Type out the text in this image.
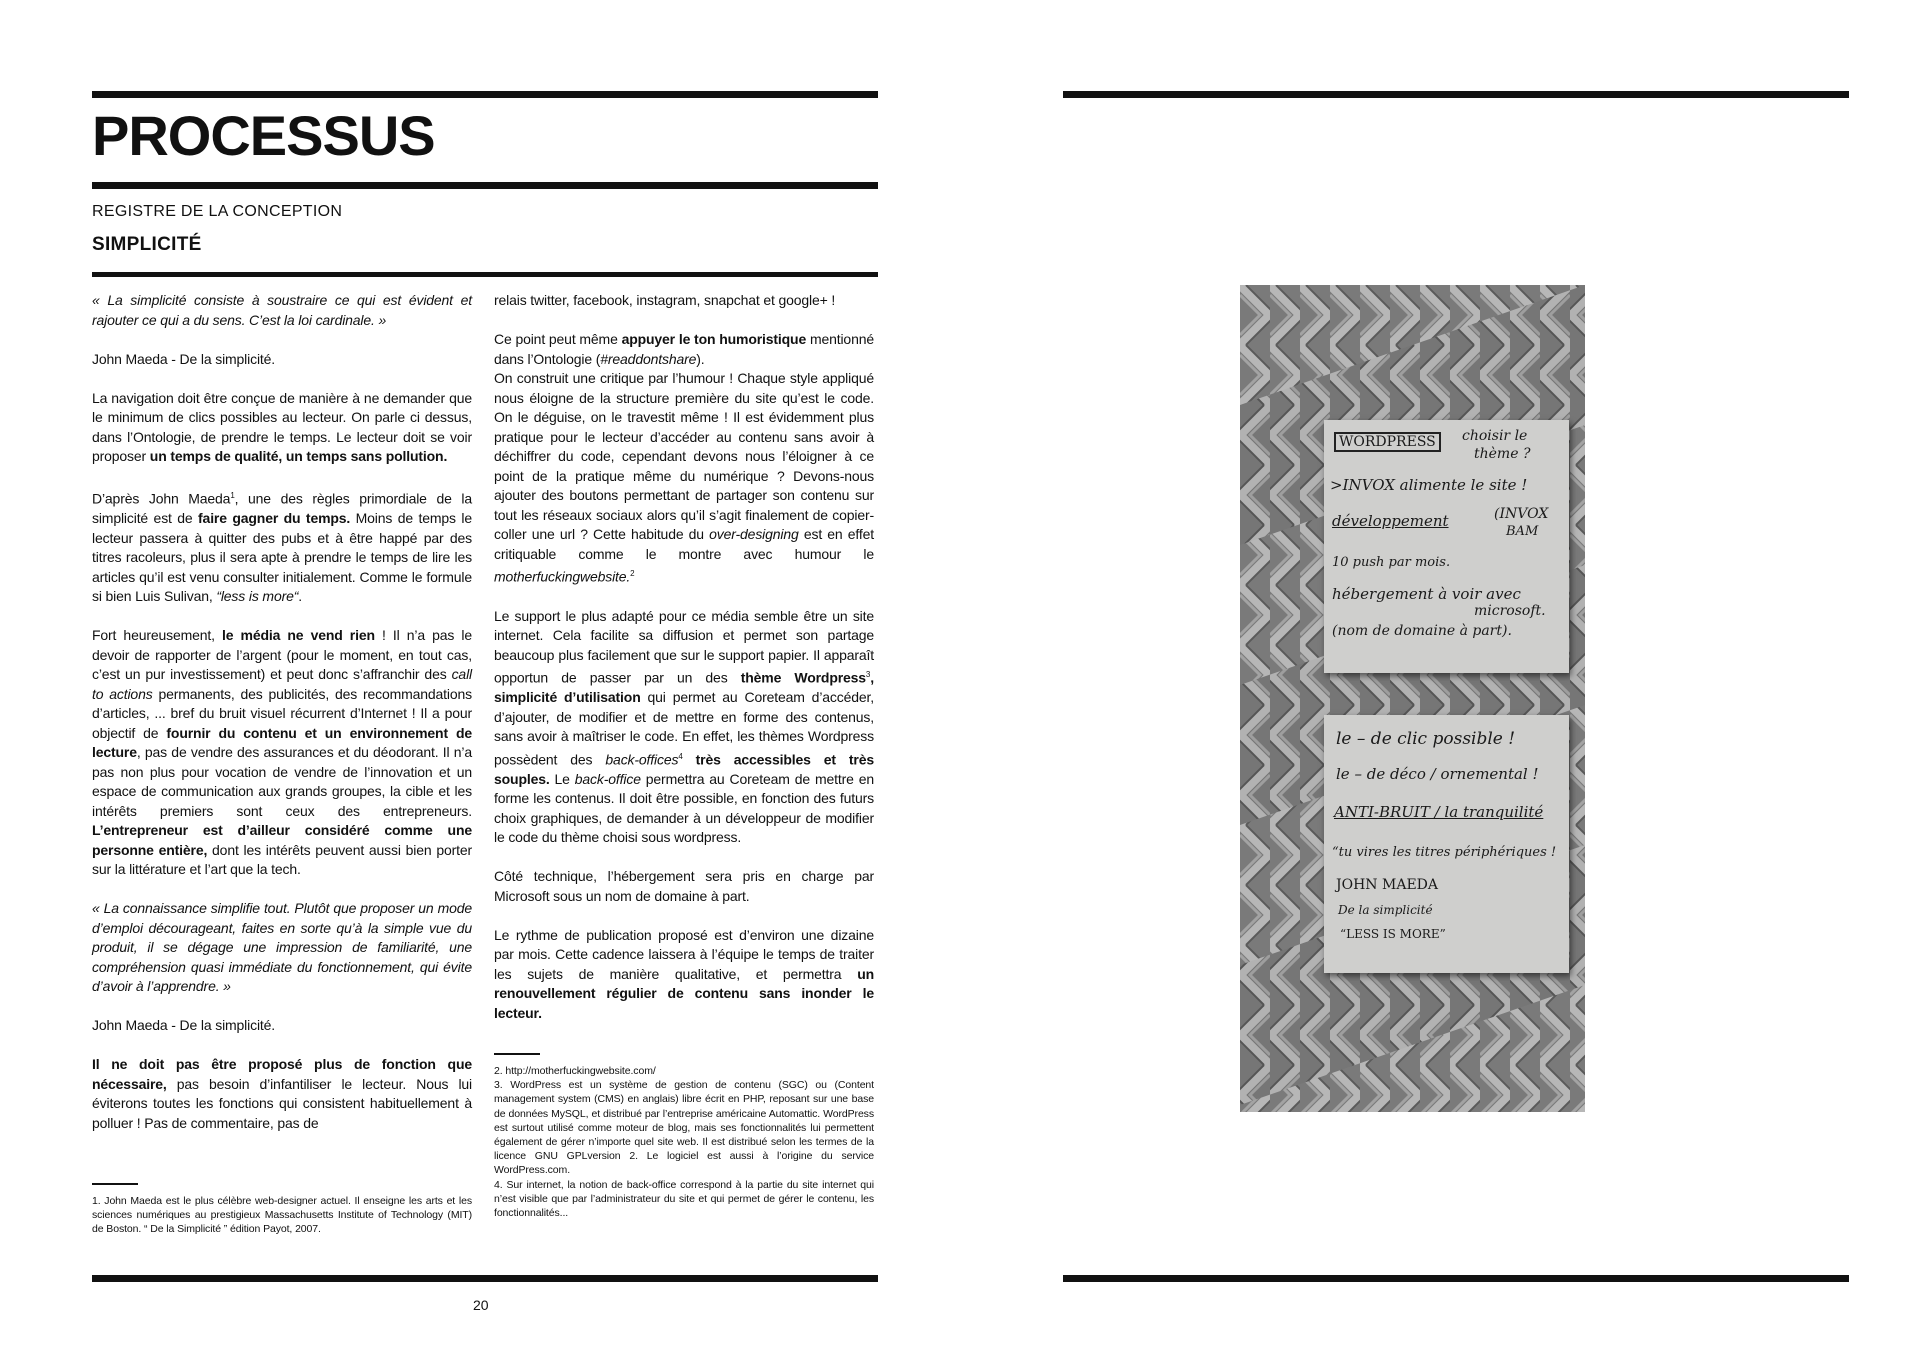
PROCESSUS
REGISTRE DE LA CONCEPTION
SIMPLICITÉ

« La simplicité consiste à soustraire ce qui est évident et rajouter ce qui a du sens. C’est la loi cardinale. »

John Maeda - De la simplicité.

La navigation doit être conçue de manière à ne demander que le minimum de clics possibles au lecteur. On parle ci dessus, dans l’Ontologie, de prendre le temps. Le lecteur doit se voir proposer un temps de qualité, un temps sans pollution.

D’après John Maeda$^1$, une des règles primordiale de la simplicité est de faire gagner du temps. Moins de temps le lecteur passera à quitter des pubs et à être happé par des titres racoleurs, plus il sera apte à prendre le temps de lire les articles qu’il est venu consulter initialement. Comme le formule si bien Luis Sulivan, “less is more“.

Fort heureusement, le média ne vend rien ! Il n’a pas le devoir de rapporter de l’argent (pour le moment, en tout cas, c’est un pur investissement) et peut donc s’affranchir des call to actions permanents, des publicités, des recommandations d’articles, ... bref du bruit visuel récurrent d’Internet ! Il a pour objectif de fournir du contenu et un environnement de lecture, pas de vendre des assurances et du déodorant. Il n’a pas non plus pour vocation de vendre de l’innovation et un espace de communication aux grands groupes, la cible et les intérêts premiers sont ceux des entrepreneurs. L’entrepreneur est d’ailleur considéré comme une personne entière, dont les intérêts peuvent aussi bien porter sur la littérature et l’art que la tech.

« La connaissance simplifie tout. Plutôt que proposer un mode d’emploi décourageant, faites en sorte qu’à la simple vue du produit, il se dégage une impression de familiarité, une compréhension quasi immédiate du fonctionnement, qui évite d’avoir à l’apprendre. »

John Maeda - De la simplicité.

Il ne doit pas être proposé plus de fonction que nécessaire, pas besoin d’infantiliser le lecteur. Nous lui éviterons toutes les fonctions qui consistent habituellement à polluer ! Pas de commentaire, pas de

relais twitter, facebook, instagram, snapchat et google+ !

Ce point peut même appuyer le ton humoristique mentionné dans l’Ontologie (#readdontshare).

On construit une critique par l’humour ! Chaque style appliqué nous éloigne de la structure première du site qu’est le code. On le déguise, on le travestit même ! Il est évidemment plus pratique pour le lecteur d’accéder au contenu sans avoir à déchiffrer du code, cependant devons nous l’éloigner à ce point de la pratique même du numérique ? Devons-nous ajouter des boutons permettant de partager son contenu sur tout les réseaux sociaux alors qu’il s’agit finalement de copier-coller une url ? Cette habitude du over-designing est en effet critiquable comme le montre avec humour le motherfuckingwebsite.$^2$

Le support le plus adapté pour ce média semble être un site internet. Cela facilite sa diffusion et permet son partage beaucoup plus facilement que sur le support papier. Il apparaît opportun de passer par un des thème Wordpress$^3$, simplicité d’utilisation qui permet au Coreteam d’accéder, d’ajouter, de modifier et de mettre en forme des contenus, sans avoir à maîtriser le code. En effet, les thèmes Wordpress possèdent des back-offices$^4$ très accessibles et très souples. Le back-office permettra au Coreteam de mettre en forme les contenus. Il doit être possible, en fonction des futurs choix graphiques, de demander à un développeur de modifier le code du thème choisi sous wordpress.

Côté technique, l’hébergement sera pris en charge par Microsoft sous un nom de domaine à part.

Le rythme de publication proposé est d’environ une dizaine par mois. Cette cadence laissera à l’équipe le temps de traiter les sujets de manière qualitative, et permettra un renouvellement régulier de contenu sans inonder le lecteur.

1. John Maeda est le plus célèbre web-designer actuel. Il enseigne les arts et les sciences numériques au prestigieux Massachusetts Institute of Technology (MIT) de Boston. “ De la Simplicité ” édition Payot, 2007.

2. http://motherfuckingwebsite.com/

3. WordPress est un système de gestion de contenu (SGC) ou (Content management system (CMS) en anglais) libre écrit en PHP, reposant sur une base de données MySQL, et distribué par l’entreprise américaine Automattic. WordPress est surtout utilisé comme moteur de blog, mais ses fonctionnalités lui permettent également de gérer n’importe quel site web. Il est distribué selon les termes de la licence GNU GPLversion 2. Le logiciel est aussi à l’origine du service WordPress.com.

4. Sur internet, la notion de back-office correspond à la partie du site internet qui n’est visible que par l’administrateur du site et qui permet de gérer le contenu, les fonctionnalités...

20
WORDPRESS	choisir le
thème ?
>INVOX alimente le site !
développement	(INVOX
BAM
10 push par mois.
hébergement à voir avec
microsoft.
(nom de domaine à part).
le – de clic possible !
le – de déco / ornemental !
ANTI-BRUIT / la tranquilité
“tu vires les titres périphériques !
JOHN MAEDA
De la simplicité
“LESS IS MORE”
